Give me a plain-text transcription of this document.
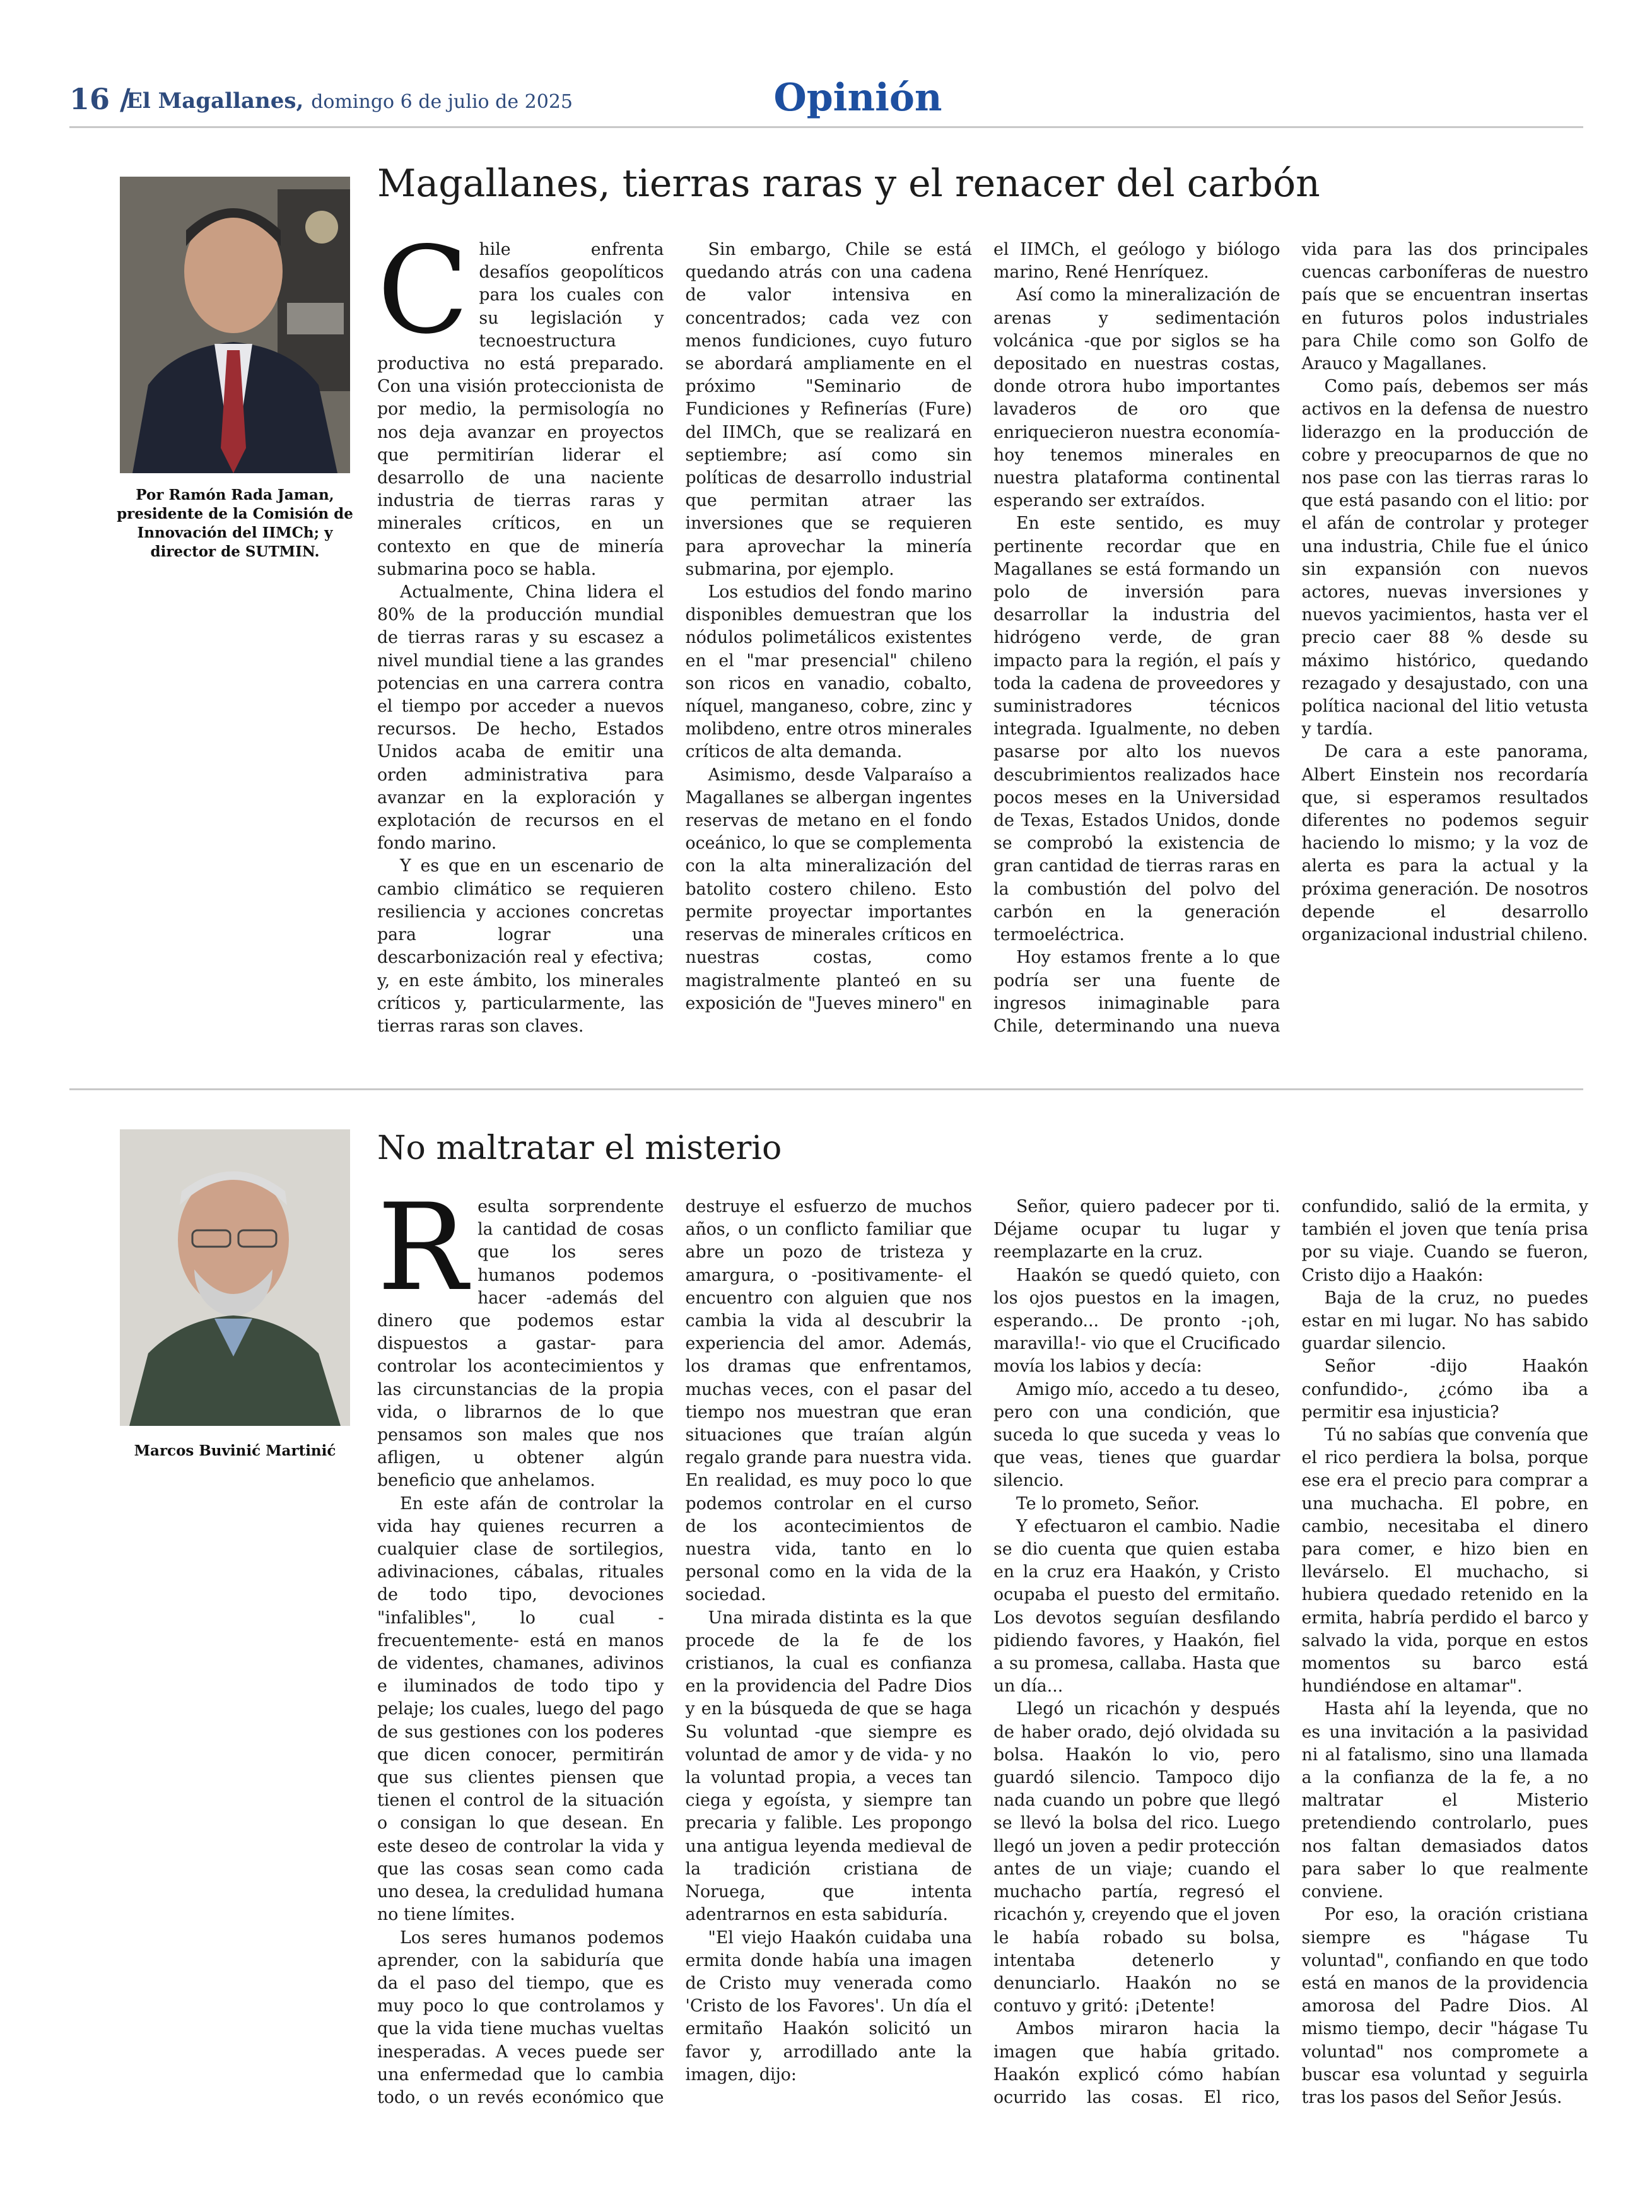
16 /
El Magallanes, domingo 6 de julio de 2025	Opinión
Por Ramón Rada Jaman, presidente de la Comisión de Innovación del IIMCh; y director de SUTMIN.
Magallanes, tierras raras y el renacer del carbón

Chile enfrenta desafíos geopolíticos para los cuales con su legislación y tecnoestructura productiva no está preparado. Con una visión proteccionista de por medio, la permisología no nos deja avanzar en proyectos que permitirían liderar el desarrollo de una naciente industria de tierras raras y minerales críticos, en un contexto en que de minería submarina poco se habla.

Actualmente, China lidera el 80% de la producción mundial de tierras raras y su escasez a nivel mundial tiene a las grandes potencias en una carrera contra el tiempo por acceder a nuevos recursos. De hecho, Estados Unidos acaba de emitir una orden administrativa para avanzar en la exploración y explotación de recursos en el fondo marino.

Y es que en un escenario de cambio climático se requieren resiliencia y acciones concretas para lograr una descarbonización real y efectiva; y, en este ámbito, los minerales críticos y, particularmente, las tierras raras son claves.

Sin embargo, Chile se está quedando atrás con una cadena de valor intensiva en concentrados; cada vez con menos fundiciones, cuyo futuro se abordará ampliamente en el próximo "Seminario de Fundiciones y Refinerías (Fure) del IIMCh, que se realizará en septiembre; así como sin políticas de desarrollo industrial que permitan atraer las inversiones que se requieren para aprovechar la minería submarina, por ejemplo.

Los estudios del fondo marino disponibles demuestran que los nódulos polimetálicos existentes en el "mar presencial" chileno son ricos en vanadio, cobalto, níquel, manganeso, cobre, zinc y molibdeno, entre otros minerales críticos de alta demanda.

Asimismo, desde Valparaíso a Magallanes se albergan ingentes reservas de metano en el fondo oceánico, lo que se complementa con la alta mineralización del batolito costero chileno. Esto permite proyectar importantes reservas de minerales críticos en nuestras costas, como magistralmente planteó en su exposición de "Jueves minero" en el IIMCh, el geólogo y biólogo marino, René Henríquez.

Así como la mineralización de arenas y sedimentación volcánica -que por siglos se ha depositado en nuestras costas, donde otrora hubo importantes lavaderos de oro que enriquecieron nuestra economía- hoy tenemos minerales en nuestra plataforma continental esperando ser extraídos.

En este sentido, es muy pertinente recordar que en Magallanes se está formando un polo de inversión para desarrollar la industria del hidrógeno verde, de gran impacto para la región, el país y toda la cadena de proveedores y suministradores técnicos integrada. Igualmente, no deben pasarse por alto los nuevos descubrimientos realizados hace pocos meses en la Universidad de Texas, Estados Unidos, donde se comprobó la existencia de gran cantidad de tierras raras en la combustión del polvo del carbón en la generación termoeléctrica.

Hoy estamos frente a lo que podría ser una fuente de ingresos inimaginable para Chile, determinando una nueva vida para las dos principales cuencas carboníferas de nuestro país que se encuentran insertas en futuros polos industriales para Chile como son Golfo de Arauco y Magallanes.

Como país, debemos ser más activos en la defensa de nuestro liderazgo en la producción de cobre y preocuparnos de que no nos pase con las tierras raras lo que está pasando con el litio: por el afán de controlar y proteger una industria, Chile fue el único sin expansión con nuevos actores, nuevas inversiones y nuevos yacimientos, hasta ver el precio caer 88 % desde su máximo histórico, quedando rezagado y desajustado, con una política nacional del litio vetusta y tardía.

De cara a este panorama, Albert Einstein nos recordaría que, si esperamos resultados diferentes no podemos seguir haciendo lo mismo; y la voz de alerta es para la actual y la próxima generación. De nosotros depende el desarrollo organizacional industrial chileno.

Marcos Buvinić Martinić
No maltratar el misterio

Resulta sorprendente la cantidad de cosas que los seres humanos podemos hacer -además del dinero que podemos estar dispuestos a gastar- para controlar los acontecimientos y las circunstancias de la propia vida, o librarnos de lo que pensamos son males que nos afligen, u obtener algún beneficio que anhelamos.

En este afán de controlar la vida hay quienes recurren a cualquier clase de sortilegios, adivinaciones, cábalas, rituales de todo tipo, devociones "infalibles", lo cual -frecuentemente- está en manos de videntes, chamanes, adivinos e iluminados de todo tipo y pelaje; los cuales, luego del pago de sus gestiones con los poderes que dicen conocer, permitirán que sus clientes piensen que tienen el control de la situación o consigan lo que desean. En este deseo de controlar la vida y que las cosas sean como cada uno desea, la credulidad humana no tiene límites.

Los seres humanos podemos aprender, con la sabiduría que da el paso del tiempo, que es muy poco lo que controlamos y que la vida tiene muchas vueltas inesperadas. A veces puede ser una enfermedad que lo cambia todo, o un revés económico que destruye el esfuerzo de muchos años, o un conflicto familiar que abre un pozo de tristeza y amargura, o -positivamente- el encuentro con alguien que nos cambia la vida al descubrir la experiencia del amor. Además, los dramas que enfrentamos, muchas veces, con el pasar del tiempo nos muestran que eran situaciones que traían algún regalo grande para nuestra vida. En realidad, es muy poco lo que podemos controlar en el curso de los acontecimientos de nuestra vida, tanto en lo personal como en la vida de la sociedad.

Una mirada distinta es la que procede de la fe de los cristianos, la cual es confianza en la providencia del Padre Dios y en la búsqueda de que se haga Su voluntad -que siempre es voluntad de amor y de vida- y no la voluntad propia, a veces tan ciega y egoísta, y siempre tan precaria y falible. Les propongo una antigua leyenda medieval de la tradición cristiana de Noruega, que intenta adentrarnos en esta sabiduría.

"El viejo Haakón cuidaba una ermita donde había una imagen de Cristo muy venerada como 'Cristo de los Favores'. Un día el ermitaño Haakón solicitó un favor y, arrodillado ante la imagen, dijo:

Señor, quiero padecer por ti. Déjame ocupar tu lugar y reemplazarte en la cruz.

Haakón se quedó quieto, con los ojos puestos en la imagen, esperando... De pronto -¡oh, maravilla!- vio que el Crucificado movía los labios y decía:

Amigo mío, accedo a tu deseo, pero con una condición, que suceda lo que suceda y veas lo que veas, tienes que guardar silencio.

Te lo prometo, Señor.

Y efectuaron el cambio. Nadie se dio cuenta que quien estaba en la cruz era Haakón, y Cristo ocupaba el puesto del ermitaño. Los devotos seguían desfilando pidiendo favores, y Haakón, fiel a su promesa, callaba. Hasta que un día...

Llegó un ricachón y después de haber orado, dejó olvidada su bolsa. Haakón lo vio, pero guardó silencio. Tampoco dijo nada cuando un pobre que llegó se llevó la bolsa del rico. Luego llegó un joven a pedir protección antes de un viaje; cuando el muchacho partía, regresó el ricachón y, creyendo que el joven le había robado su bolsa, intentaba detenerlo y denunciarlo. Haakón no se contuvo y gritó: ¡Detente!

Ambos miraron hacia la imagen que había gritado. Haakón explicó cómo habían ocurrido las cosas. El rico, confundido, salió de la ermita, y también el joven que tenía prisa por su viaje. Cuando se fueron, Cristo dijo a Haakón:

Baja de la cruz, no puedes estar en mi lugar. No has sabido guardar silencio.

Señor -dijo Haakón confundido-, ¿cómo iba a permitir esa injusticia?

Tú no sabías que convenía que el rico perdiera la bolsa, porque ese era el precio para comprar a una muchacha. El pobre, en cambio, necesitaba el dinero para comer, e hizo bien en llevárselo. El muchacho, si hubiera quedado retenido en la ermita, habría perdido el barco y salvado la vida, porque en estos momentos su barco está hundiéndose en altamar".

Hasta ahí la leyenda, que no es una invitación a la pasividad ni al fatalismo, sino una llamada a la confianza de la fe, a no maltratar el Misterio pretendiendo controlarlo, pues nos faltan demasiados datos para saber lo que realmente conviene.

Por eso, la oración cristiana siempre es "hágase Tu voluntad", confiando en que todo está en manos de la providencia amorosa del Padre Dios. Al mismo tiempo, decir "hágase Tu voluntad" nos compromete a buscar esa voluntad y seguirla tras los pasos del Señor Jesús.
